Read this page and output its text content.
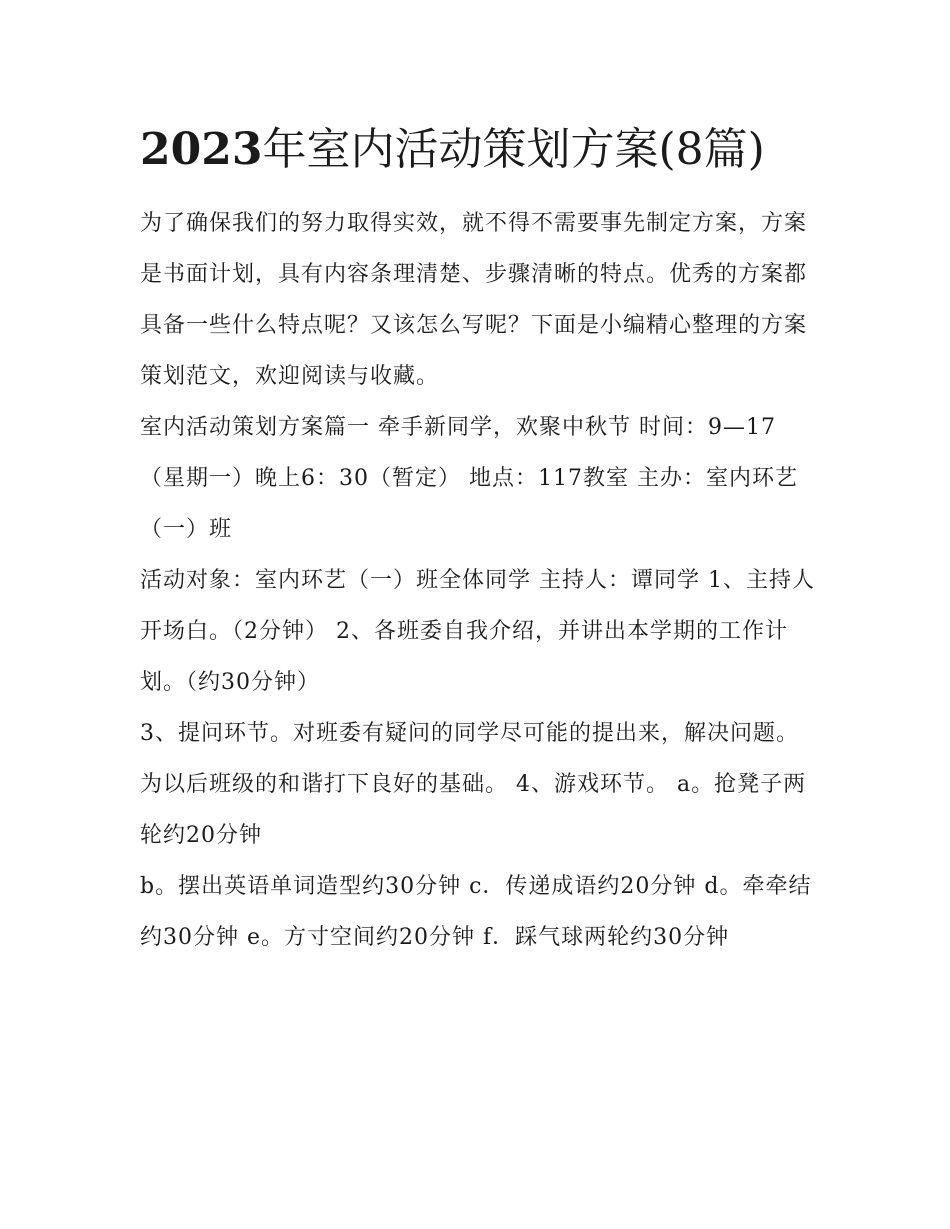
2023年室内活动策划方案(8篇)

为了确保我们的努力取得实效，就不得不需要事先制定方案，方案是书面计划，具有内容条理清楚、步骤清晰的特点。优秀的方案都具备一些什么特点呢？又该怎么写呢？下面是小编精心整理的方案策划范文，欢迎阅读与收藏。

室内活动策划方案篇一 牵手新同学，欢聚中秋节 时间：9—17（星期一）晚上6：30（暂定） 地点：117教室 主办：室内环艺（一）班

活动对象：室内环艺（一）班全体同学 主持人：谭同学 1、主持人开场白。（2分钟） 2、各班委自我介绍，并讲出本学期的工作计划。（约30分钟）

3、提问环节。对班委有疑问的同学尽可能的提出来，解决问题。为以后班级的和谐打下良好的基础。 4、游戏环节。 a。抢凳子两轮约20分钟

b。摆出英语单词造型约30分钟 c．传递成语约20分钟 d。牵牵结约30分钟 e。方寸空间约20分钟 f．踩气球两轮约30分钟
